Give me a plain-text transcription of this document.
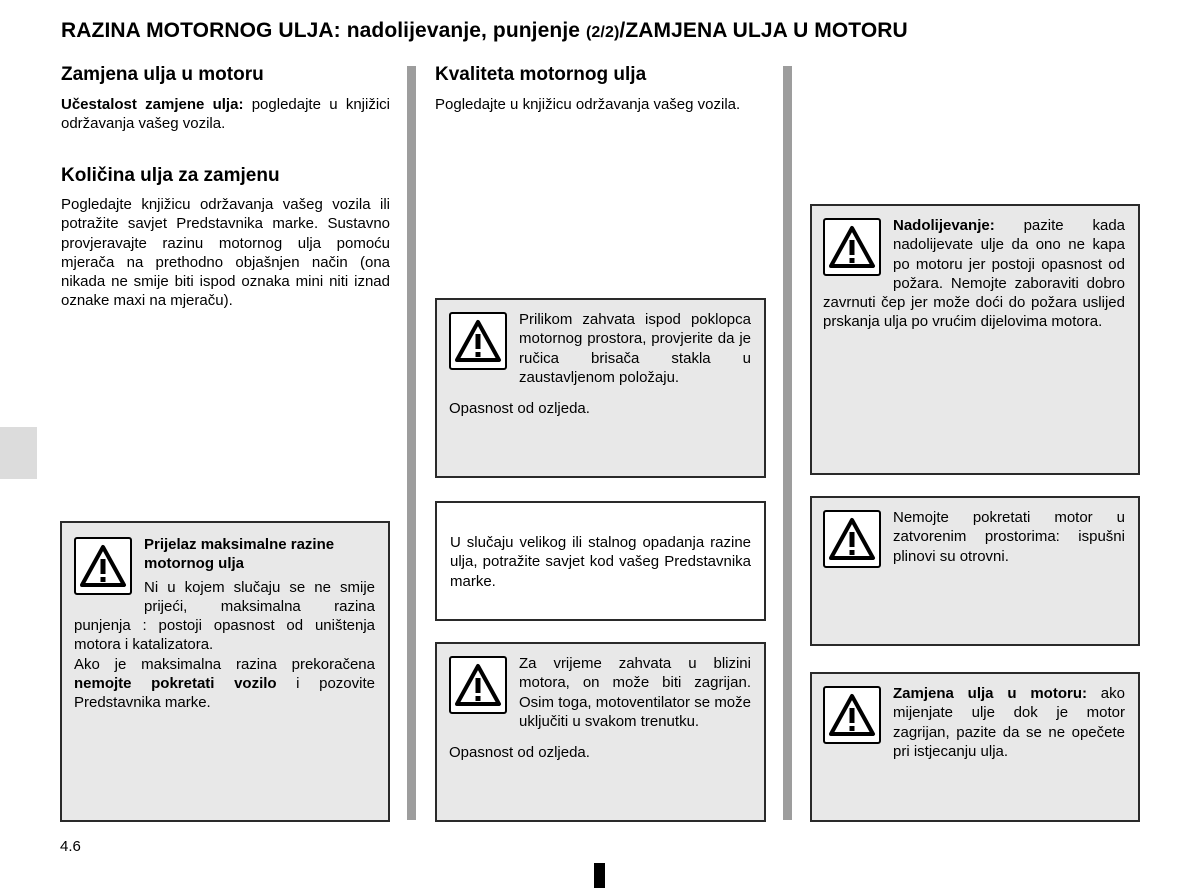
RAZINA MOTORNOG ULJA: nadolijevanje, punjenje (2/2)/ZAMJENA ULJA U MOTORU
Zamjena ulja u motoru
Učestalost zamjene ulja: pogledajte u knjižici održavanja vašeg vozila.
Količina ulja za zamjenu
Pogledajte knjižicu održavanja vašeg vozila ili potražite savjet Predstavnika marke. Sustavno provjeravajte razinu motornog ulja pomoću mjerača na prethodno objašnjen način (ona nikada ne smije biti ispod oznaka mini niti iznad oznake maxi na mjeraču).
Prijelaz maksimalne razine motornog ulja
Ni u kojem slučaju se ne smije prijeći, maksimalna razina punjenja : postoji opasnost od uništenja motora i katalizatora.
Ako je maksimalna razina prekoračena nemojte pokretati vozilo i pozovite Predstavnika marke.
Kvaliteta motornog ulja
Pogledajte u knjižicu održavanja vašeg vozila.
Prilikom zahvata ispod poklopca motornog prostora, provjerite da je ručica brisača stakla u zaustavljenom položaju.
Opasnost od ozljeda.
U slučaju velikog ili stalnog opadanja razine ulja, potražite savjet kod vašeg Predstavnika marke.
Za vrijeme zahvata u blizini motora, on može biti zagrijan. Osim toga, motoventilator se može uključiti u svakom trenutku.
Opasnost od ozljeda.
Nadolijevanje: pazite kada nadolijevate ulje da ono ne kapa po motoru jer postoji opasnost od požara. Nemojte zaboraviti dobro zavrnuti čep jer može doći do požara uslijed prskanja ulja po vrućim dijelovima motora.
Nemojte pokretati motor u zatvorenim prostorima: ispušni plinovi su otrovni.
Zamjena ulja u motoru: ako mijenjate ulje dok je motor zagrijan, pazite da se ne opečete pri istjecanju ulja.
4.6
